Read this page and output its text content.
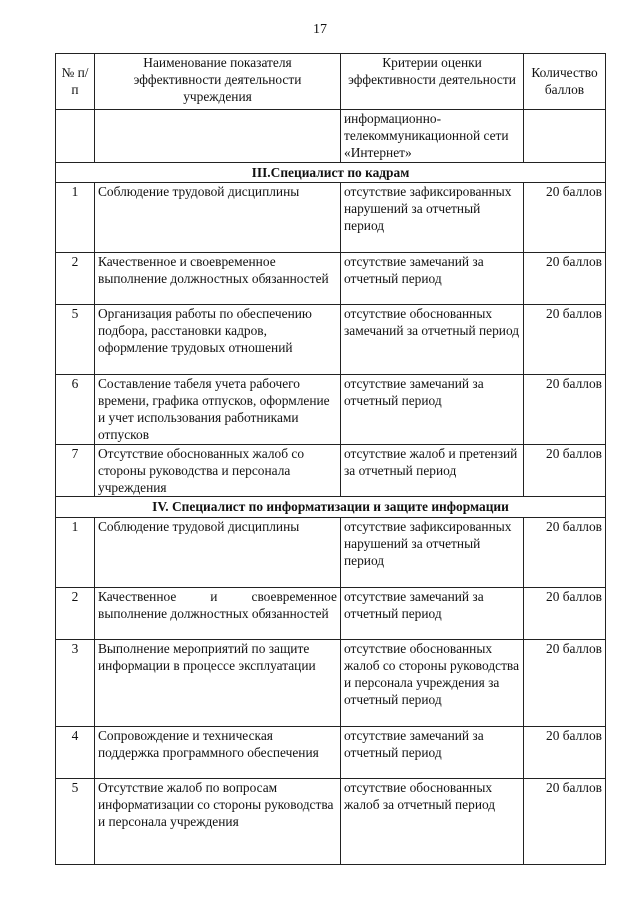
17
№ п/п	Наименование показателя эффективности деятельности учреждения	Критерии оценки эффективности деятельности	Количество баллов
		информационно-телекоммуникационной сети «Интернет»	
III.Специалист по кадрам			
1	Соблюдение трудовой дисциплины	отсутствие зафиксированных нарушений за отчетный период	20 баллов
2	Качественное и своевременное выполнение должностных обязанностей	отсутствие замечаний за отчетный период	20 баллов
5	Организация работы по обеспечению подбора, расстановки кадров, оформление трудовых отношений	отсутствие обоснованных замечаний за отчетный период	20 баллов
6	Составление табеля учета рабочего времени, графика отпусков, оформление и учет использования работниками отпусков	отсутствие замечаний за отчетный период	20 баллов
7	Отсутствие обоснованных жалоб со стороны руководства и персонала учреждения	отсутствие жалоб и претензий за отчетный период	20 баллов
IV. Специалист по информатизации и защите информации			
1	Соблюдение трудовой дисциплины	отсутствие зафиксированных нарушений за отчетный период	20 баллов
2	Качественное и своевременное выполнение должностных обязанностей	отсутствие замечаний за отчетный период	20 баллов
3	Выполнение мероприятий по защите информации в процессе эксплуатации	отсутствие обоснованных жалоб со стороны руководства и персонала учреждения за отчетный период	20 баллов
4	Сопровождение и техническая поддержка программного обеспечения	отсутствие замечаний за отчетный период	20 баллов
5	Отсутствие жалоб по вопросам информатизации со стороны руководства и персонала учреждения	отсутствие обоснованных жалоб за отчетный период	20 баллов
